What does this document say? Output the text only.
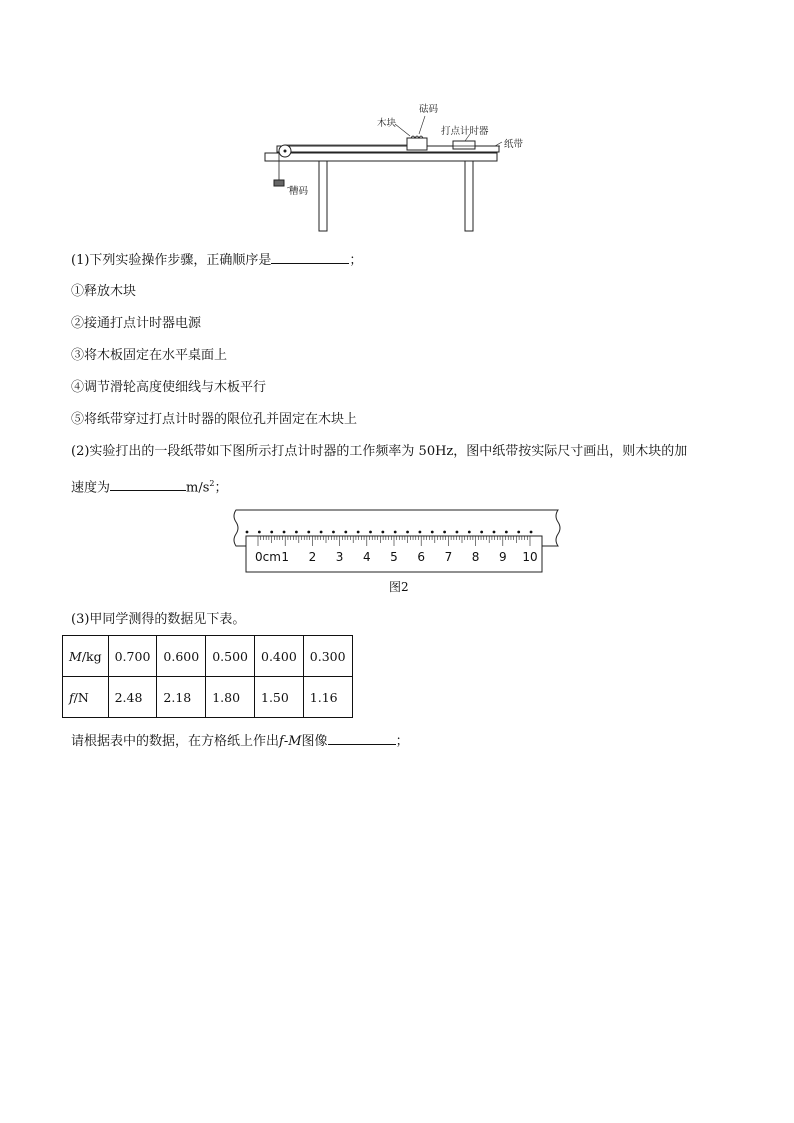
砝码
木块
打点计时器
纸带
槽码
(1)下列实验操作步骤，正确顺序是	；
①释放木块
②接通打点计时器电源
③将木板固定在水平桌面上
④调节滑轮高度使细线与木板平行
⑤将纸带穿过打点计时器的限位孔并固定在木块上
(2)实验打出的一段纸带如下图所示打点计时器的工作频率为 50Hz，图中纸带按实际尺寸画出，则木块的加
速度为	$m/s^2$；
0cm 1 2 3 4 5 6 7 8 9 10
图2
(3)甲同学测得的数据见下表。
M/kg	0.700	0.600	0.500	0.400	0.300
f/N	2.48	2.18	1.80	1.50	1.16
请根据表中的数据，在方格纸上作出f-M图像	；
